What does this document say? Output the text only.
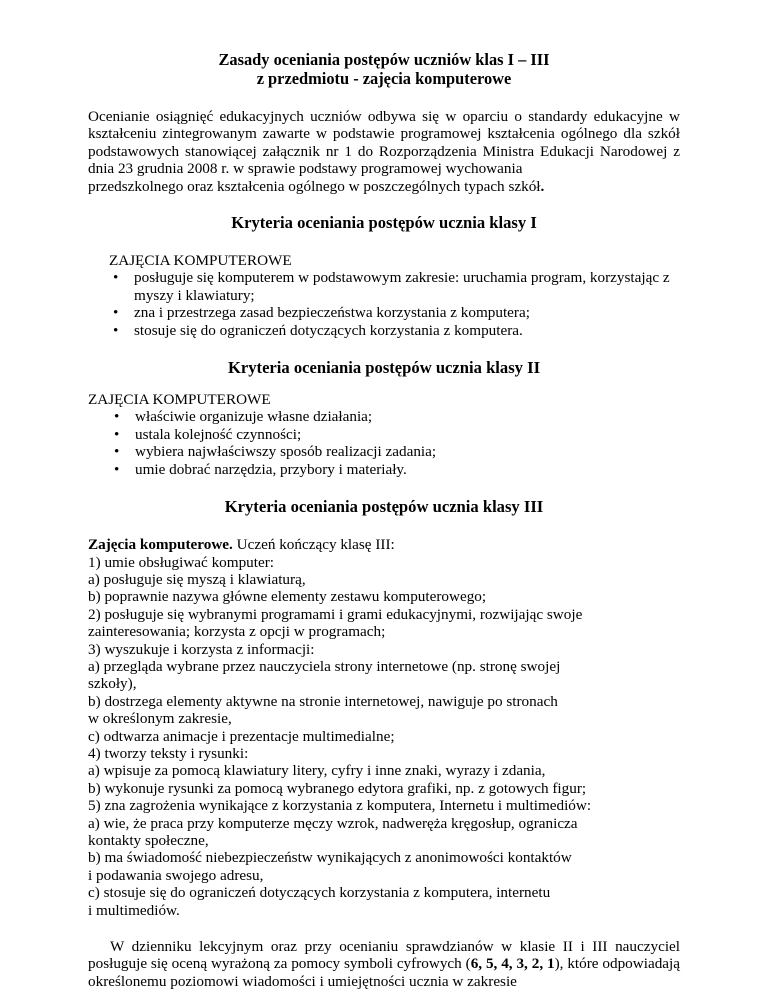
Zasady oceniania postępów uczniów klas I – III
z przedmiotu - zajęcia komputerowe
Ocenianie osiągnięć edukacyjnych uczniów odbywa się w oparciu o standardy edukacyjne w kształceniu zintegrowanym zawarte w podstawie programowej kształcenia ogólnego dla szkół podstawowych stanowiącej załącznik nr 1 do Rozporządzenia Ministra Edukacji Narodowej z dnia 23 grudnia 2008 r. w sprawie podstawy programowej wychowania
przedszkolnego oraz kształcenia ogólnego w poszczególnych typach szkół.
Kryteria oceniania postępów ucznia klasy I
ZAJĘCIA KOMPUTEROWE
• posługuje się komputerem w podstawowym zakresie: uruchamia program, korzystając z myszy i klawiatury;
• zna i przestrzega zasad bezpieczeństwa korzystania z komputera;
• stosuje się do ograniczeń dotyczących korzystania z komputera.
Kryteria oceniania postępów ucznia klasy II
ZAJĘCIA KOMPUTEROWE
• właściwie organizuje własne działania;
• ustala kolejność czynności;
• wybiera najwłaściwszy sposób realizacji zadania;
• umie dobrać narzędzia, przybory i materiały.
Kryteria oceniania postępów ucznia klasy III
Zajęcia komputerowe. Uczeń kończący klasę III:
1) umie obsługiwać komputer:
a) posługuje się myszą i klawiaturą,
b) poprawnie nazywa główne elementy zestawu komputerowego;
2) posługuje się wybranymi programami i grami edukacyjnymi, rozwijając swoje
zainteresowania; korzysta z opcji w programach;
3) wyszukuje i korzysta z informacji:
a) przegląda wybrane przez nauczyciela strony internetowe (np. stronę swojej
szkoły),
b) dostrzega elementy aktywne na stronie internetowej, nawiguje po stronach
w określonym zakresie,
c) odtwarza animacje i prezentacje multimedialne;
4) tworzy teksty i rysunki:
a) wpisuje za pomocą klawiatury litery, cyfry i inne znaki, wyrazy i zdania,
b) wykonuje rysunki za pomocą wybranego edytora grafiki, np. z gotowych figur;
5) zna zagrożenia wynikające z korzystania z komputera, Internetu i multimediów:
a) wie, że praca przy komputerze męczy wzrok, nadweręża kręgosłup, ogranicza
kontakty społeczne,
b) ma świadomość niebezpieczeństw wynikających z anonimowości kontaktów
i podawania swojego adresu,
c) stosuje się do ograniczeń dotyczących korzystania z komputera, internetu
i multimediów.
W dzienniku lekcyjnym oraz przy ocenianiu sprawdzianów w klasie II i III nauczyciel posługuje się oceną wyrażoną za pomocy symboli cyfrowych (6, 5, 4, 3, 2, 1), które odpowiadają określonemu poziomowi wiadomości i umiejętności ucznia w zakresie
